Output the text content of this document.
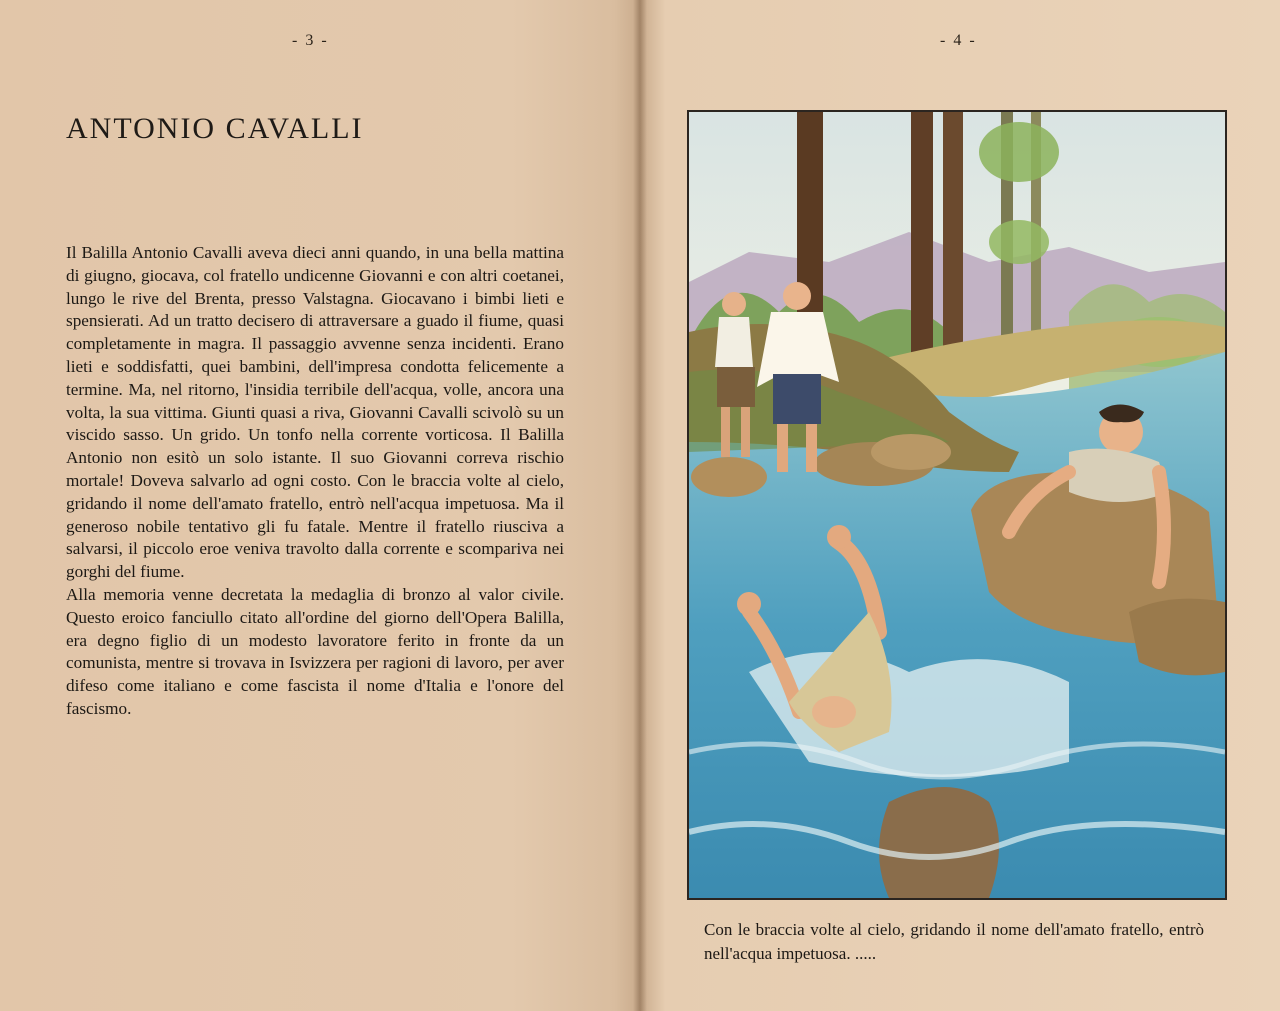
- 3 -
ANTONIO CAVALLI

Il Balilla Antonio Cavalli aveva dieci anni quando, in una bella mattina di giugno, giocava, col fratello undicenne Giovanni e con altri coetanei, lungo le rive del Brenta, presso Valstagna. Giocavano i bimbi lieti e spensierati. Ad un tratto decisero di attraversare a guado il fiume, quasi completamente in magra. Il passaggio avvenne senza incidenti. Erano lieti e soddisfatti, quei bambini, dell'impresa condotta felicemente a termine. Ma, nel ritorno, l'insidia terribile dell'acqua, volle, ancora una volta, la sua vittima. Giunti quasi a riva, Giovanni Cavalli scivolò su un viscido sasso. Un grido. Un tonfo nella corrente vorticosa. Il Balilla Antonio non esitò un solo istante. Il suo Giovanni correva rischio mortale! Doveva salvarlo ad ogni costo. Con le braccia volte al cielo, gridando il nome dell'amato fratello, entrò nell'acqua impetuosa. Ma il generoso nobile tentativo gli fu fatale. Mentre il fratello riusciva a salvarsi, il piccolo eroe veniva travolto dalla corrente e scompariva nei gorghi del fiume.

Alla memoria venne decretata la medaglia di bronzo al valor civile. Questo eroico fanciullo citato all'ordine del giorno dell'Opera Balilla, era degno figlio di un modesto lavoratore ferito in fronte da un comunista, mentre si trovava in Isvizzera per ragioni di lavoro, per aver difeso come italiano e come fascista il nome d'Italia e l'onore del fascismo.

- 4 -

Con le braccia volte al cielo, gridando il nome dell'amato fratello, entrò nell'acqua impetuosa. .....
